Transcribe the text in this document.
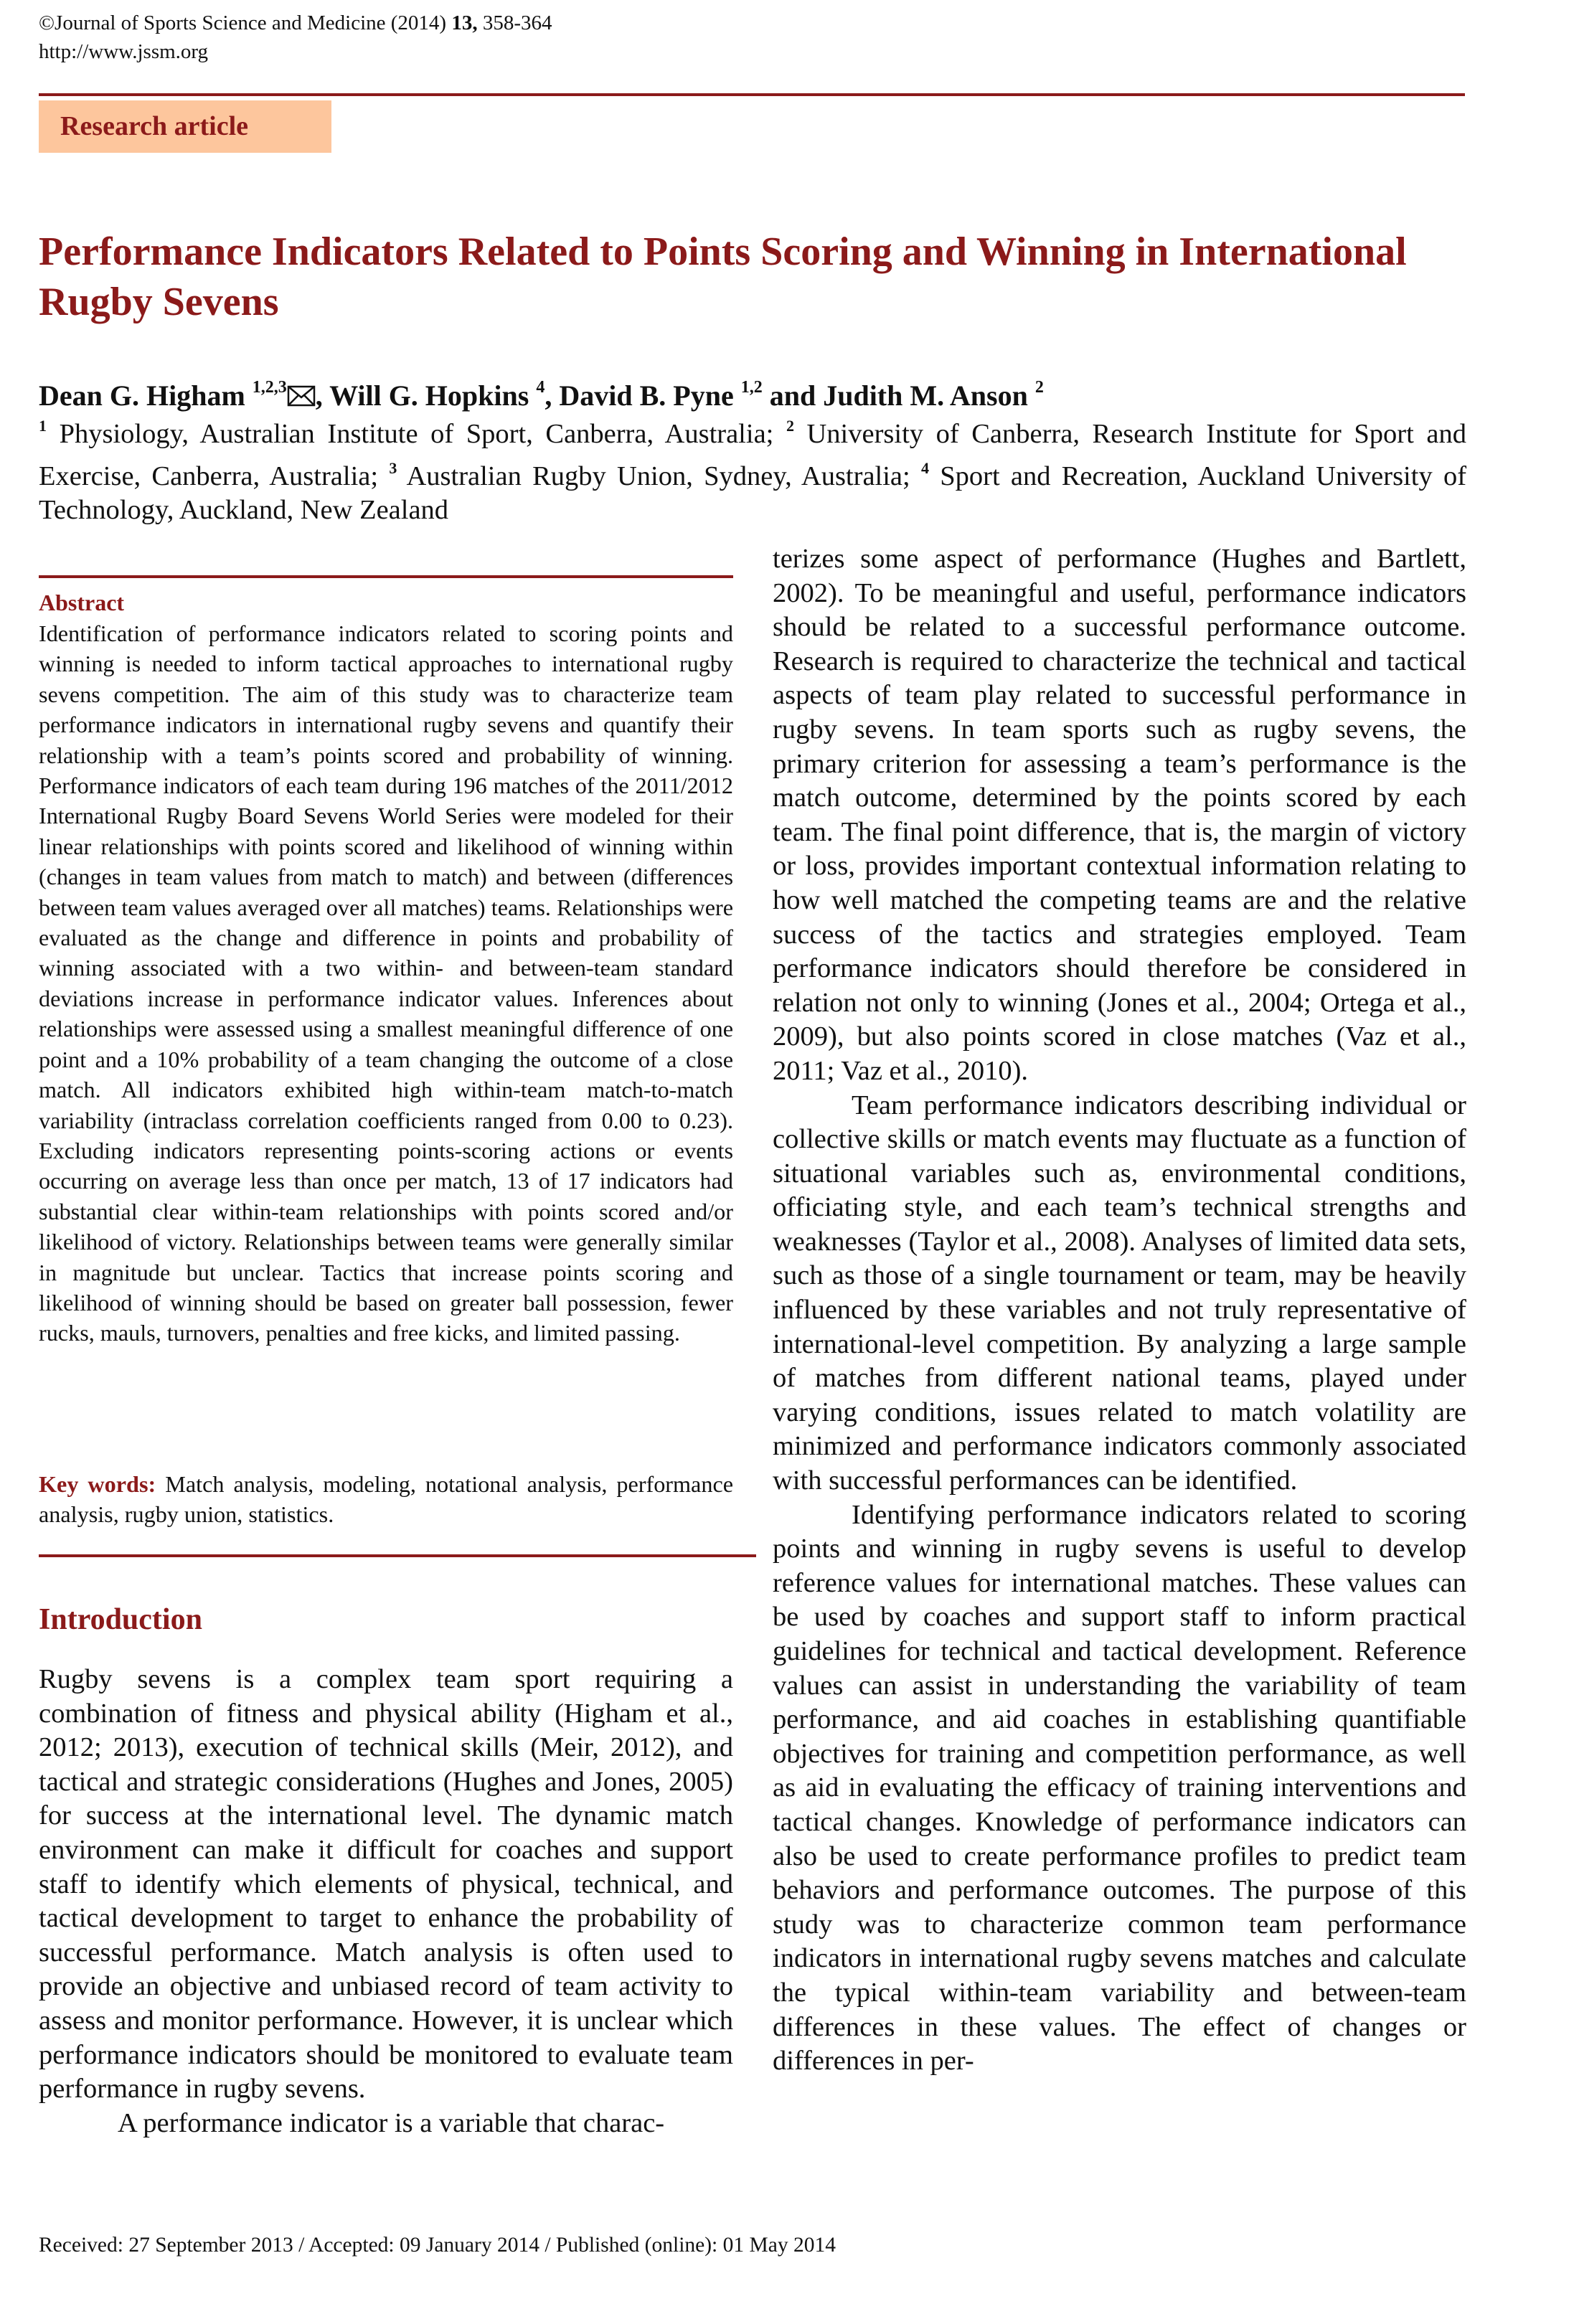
©Journal of Sports Science and Medicine (2014) 13, 358-364
http://www.jssm.org
Research article
Performance Indicators Related to Points Scoring and Winning in International Rugby Sevens
Dean G. Higham $^{1,2,3}$ , Will G. Hopkins $^4$, David B. Pyne $^{1,2}$ and Judith M. Anson $^2$
$^1$ Physiology, Australian Institute of Sport, Canberra, Australia; $^2$ University of Canberra, Research Institute for Sport and Exercise, Canberra, Australia; $^3$ Australian Rugby Union, Sydney, Australia; $^4$ Sport and Recreation, Auckland University of Technology, Auckland, New Zealand
Abstract
Identification of performance indicators related to scoring points and winning is needed to inform tactical approaches to international rugby sevens competition. The aim of this study was to characterize team performance indicators in international rugby sevens and quantify their relationship with a team’s points scored and probability of winning. Performance indicators of each team during 196 matches of the 2011/2012 International Rugby Board Sevens World Series were modeled for their linear relationships with points scored and likelihood of winning within (changes in team values from match to match) and between (differences between team values averaged over all matches) teams. Relationships were evaluated as the change and difference in points and probability of winning associated with a two within- and between-team standard deviations increase in performance indicator values. Inferences about relationships were assessed using a smallest meaningful difference of one point and a 10% probability of a team changing the outcome of a close match. All indicators exhibited high within-team match-to-match variability (intraclass correlation coefficients ranged from 0.00 to 0.23). Excluding indicators representing points-scoring actions or events occurring on average less than once per match, 13 of 17 indicators had substantial clear within-team relationships with points scored and/or likelihood of victory. Relationships between teams were generally similar in magnitude but unclear. Tactics that increase points scoring and likelihood of winning should be based on greater ball possession, fewer rucks, mauls, turnovers, penalties and free kicks, and limited passing.
Key words: Match analysis, modeling, notational analysis, performance analysis, rugby union, statistics.
Introduction

Rugby sevens is a complex team sport requiring a combination of fitness and physical ability (Higham et al., 2012; 2013), execution of technical skills (Meir, 2012), and tactical and strategic considerations (Hughes and Jones, 2005) for success at the international level. The dynamic match environment can make it difficult for coaches and support staff to identify which elements of physical, technical, and tactical development to target to enhance the probability of successful performance. Match analysis is often used to provide an objective and unbiased record of team activity to assess and monitor performance. However, it is unclear which performance indicators should be monitored to evaluate team performance in rugby sevens.

A performance indicator is a variable that charac-

terizes some aspect of performance (Hughes and Bartlett, 2002). To be meaningful and useful, performance indicators should be related to a successful performance outcome. Research is required to characterize the technical and tactical aspects of team play related to successful performance in rugby sevens. In team sports such as rugby sevens, the primary criterion for assessing a team’s performance is the match outcome, determined by the points scored by each team. The final point difference, that is, the margin of victory or loss, provides important contextual information relating to how well matched the competing teams are and the relative success of the tactics and strategies employed. Team performance indicators should therefore be considered in relation not only to winning (Jones et al., 2004; Ortega et al., 2009), but also points scored in close matches (Vaz et al., 2011; Vaz et al., 2010).

Team performance indicators describing individual or collective skills or match events may fluctuate as a function of situational variables such as, environmental conditions, officiating style, and each team’s technical strengths and weaknesses (Taylor et al., 2008). Analyses of limited data sets, such as those of a single tournament or team, may be heavily influenced by these variables and not truly representative of international-level competition. By analyzing a large sample of matches from different national teams, played under varying conditions, issues related to match volatility are minimized and performance indicators commonly associated with successful performances can be identified.

Identifying performance indicators related to scoring points and winning in rugby sevens is useful to develop reference values for international matches. These values can be used by coaches and support staff to inform practical guidelines for technical and tactical development. Reference values can assist in understanding the variability of team performance, and aid coaches in establishing quantifiable objectives for training and competition performance, as well as aid in evaluating the efficacy of training interventions and tactical changes. Knowledge of performance indicators can also be used to create performance profiles to predict team behaviors and performance outcomes. The purpose of this study was to characterize common team performance indicators in international rugby sevens matches and calculate the typical within-team variability and between-team differences in these values. The effect of changes or differences in per-

Received: 27 September 2013 / Accepted: 09 January 2014 / Published (online): 01 May 2014
